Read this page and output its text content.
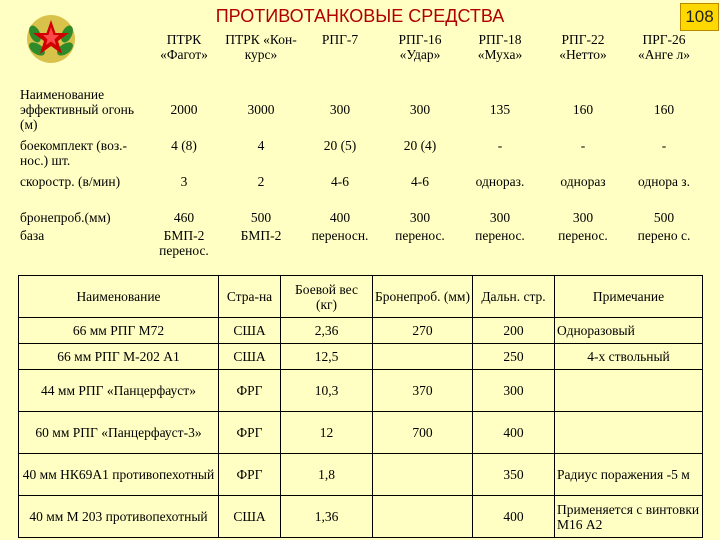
ПРОТИВОТАНКОВЫЕ СРЕДСТВА	108
Наименование	ПТРК «Фагот»	ПТРК «Кон-курс»	РПГ-7	РПГ-16 «Удар»	РПГ-18 «Муха»	РПГ-22 «Нетто»	ПРГ-26 «Анге л»
эффективный огонь (м)	2000	3000	300	300	135	160	160
боекомплект (воз.-нос.) шт.	4 (8)	4	20 (5)	20 (4)	-	-	-
скоростр. (в/мин)	3	2	4-6	4-6	однораз.	однораз	однора з.
бронепроб.(мм)	460	500	400	300	300	300	500
база	БМП-2 перенос.	БМП-2	переносн.	перенос.	перенос.	перенос.	перено с.
Наименование	Стра-на	Боевой вес (кг)	Бронепроб. (мм)	Дальн. стр.	Примечание
66 мм РПГ М72	США	2,36	270	200	Одноразовый
66 мм РПГ М-202 А1	США	12,5		250	4-х ствольный
44 мм РПГ «Панцерфауст»	ФРГ	10,3	370	300	
60 мм РПГ «Панцерфауст-3»	ФРГ	12	700	400	
40 мм НК69А1 противопехотный	ФРГ	1,8		350	Радиус поражения -5 м
40 мм М 203 противопехотный	США	1,36		400	Применяется с винтовки М16 А2
